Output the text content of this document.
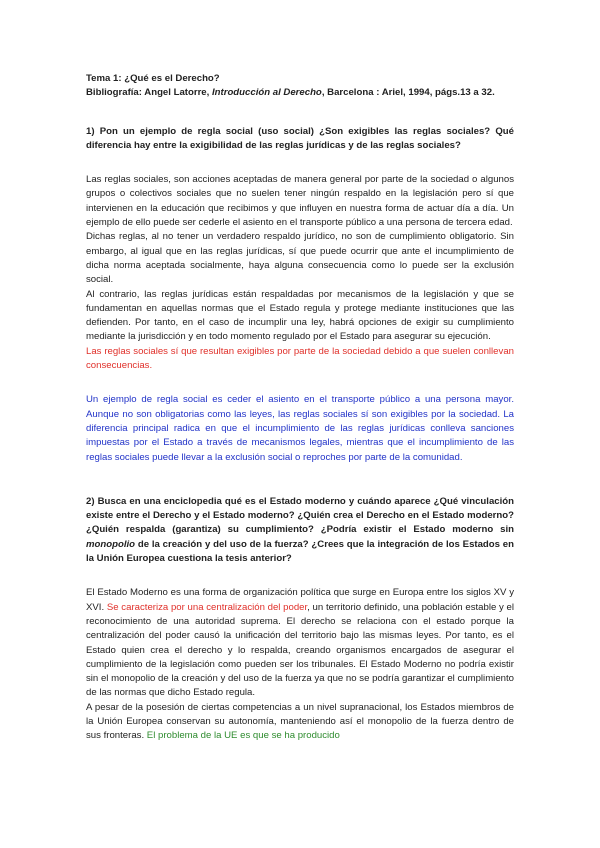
Tema 1: ¿Qué es el Derecho?

Bibliografía: Angel Latorre, Introducción al Derecho, Barcelona : Ariel, 1994, págs.13 a 32.

1) Pon un ejemplo de regla social (uso social) ¿Son exigibles las reglas sociales? Qué diferencia hay entre la exigibilidad de las reglas jurídicas y de las reglas sociales?

Las reglas sociales, son acciones aceptadas de manera general por parte de la sociedad o algunos grupos o colectivos sociales que no suelen tener ningún respaldo en la legislación pero sí que intervienen en la educación que recibimos y que influyen en nuestra forma de actuar día a día. Un ejemplo de ello puede ser cederle el asiento en el transporte público a una persona de tercera edad.

Dichas reglas, al no tener un verdadero respaldo jurídico, no son de cumplimiento obligatorio. Sin embargo, al igual que en las reglas jurídicas, sí que puede ocurrir que ante el incumplimiento de dicha norma aceptada socialmente, haya alguna consecuencia como lo puede ser la exclusión social.

Al contrario, las reglas jurídicas están respaldadas por mecanismos de la legislación y que se fundamentan en aquellas normas que el Estado regula y protege mediante instituciones que las defienden. Por tanto, en el caso de incumplir una ley, habrá opciones de exigir su cumplimiento mediante la jurisdicción y en todo momento regulado por el Estado para asegurar su ejecución.

Las reglas sociales sí que resultan exigibles por parte de la sociedad debido a que suelen conllevan consecuencias.

Un ejemplo de regla social es ceder el asiento en el transporte público a una persona mayor. Aunque no son obligatorias como las leyes, las reglas sociales sí son exigibles por la sociedad. La diferencia principal radica en que el incumplimiento de las reglas jurídicas conlleva sanciones impuestas por el Estado a través de mecanismos legales, mientras que el incumplimiento de las reglas sociales puede llevar a la exclusión social o reproches por parte de la comunidad.

2) Busca en una enciclopedia qué es el Estado moderno y cuándo aparece ¿Qué vinculación existe entre el Derecho y el Estado moderno? ¿Quién crea el Derecho en el Estado moderno? ¿Quién respalda (garantiza) su cumplimiento? ¿Podría existir el Estado moderno sin monopolio de la creación y del uso de la fuerza? ¿Crees que la integración de los Estados en la Unión Europea cuestiona la tesis anterior?

El Estado Moderno es una forma de organización política que surge en Europa entre los siglos XV y XVI. Se caracteriza por una centralización del poder, un territorio definido, una población estable y el reconocimiento de una autoridad suprema. El derecho se relaciona con el estado porque la centralización del poder causó la unificación del territorio bajo las mismas leyes. Por tanto, es el Estado quien crea el derecho y lo respalda, creando organismos encargados de asegurar el cumplimiento de la legislación como pueden ser los tribunales. El Estado Moderno no podría existir sin el monopolio de la creación y del uso de la fuerza ya que no se podría garantizar el cumplimiento de las normas que dicho Estado regula.

A pesar de la posesión de ciertas competencias a un nivel supranacional, los Estados miembros de la Unión Europea conservan su autonomía, manteniendo así el monopolio de la fuerza dentro de sus fronteras. El problema de la UE es que se ha producido
